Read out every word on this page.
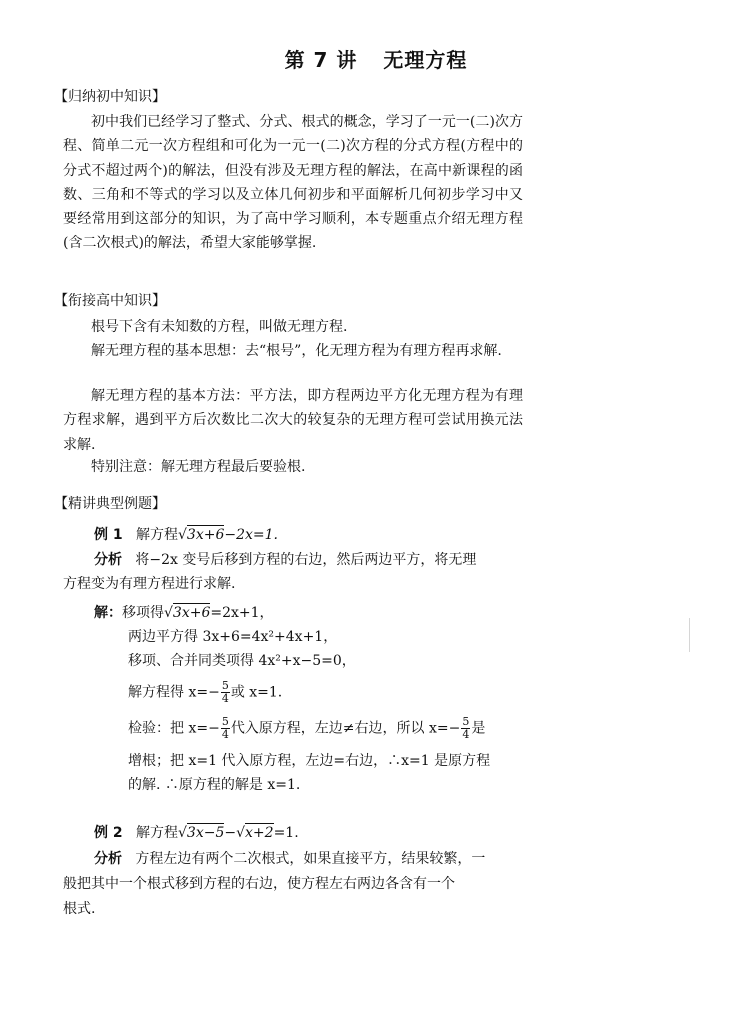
第 7 讲 无理方程
【归纳初中知识】
初中我们已经学习了整式、分式、根式的概念，学习了一元一(二)次方程、简单二元一次方程组和可化为一元一(二)次方程的分式方程(方程中的分式不超过两个)的解法，但没有涉及无理方程的解法，在高中新课程的函数、三角和不等式的学习以及立体几何初步和平面解析几何初步学习中又要经常用到这部分的知识，为了高中学习顺利，本专题重点介绍无理方程(含二次根式)的解法，希望大家能够掌握.
【衔接高中知识】
根号下含有未知数的方程，叫做无理方程.
解无理方程的基本思想：去“根号”，化无理方程为有理方程再求解.
解无理方程的基本方法：平方法，即方程两边平方化无理方程为有理方程求解，遇到平方后次数比二次大的较复杂的无理方程可尝试用换元法求解.
特别注意：解无理方程最后要验根.
【精讲典型例题】
例 1 解方程√3x+6−2x=1.
分析 将−2x 变号后移到方程的右边，然后两边平方，将无理
方程变为有理方程进行求解.
解：移项得√3x+6=2x+1，
两边平方得 3x+6=4x²+4x+1，
移项、合并同类项得 4x²+x−5=0，
解方程得 $x=- \frac{5}{4}$ 或 x=1.
检验：把 $x=- \frac{5}{4}$ 代入原方程，左边≠右边，所以 $x=- \frac{5}{4}$ 是
增根；把 x=1 代入原方程，左边=右边，∴x=1 是原方程
的解. ∴原方程的解是 x=1.
例 2 解方程√3x−5−√x+2=1.
分析 方程左边有两个二次根式，如果直接平方，结果较繁，一
般把其中一个根式移到方程的右边，使方程左右两边各含有一个
根式.
